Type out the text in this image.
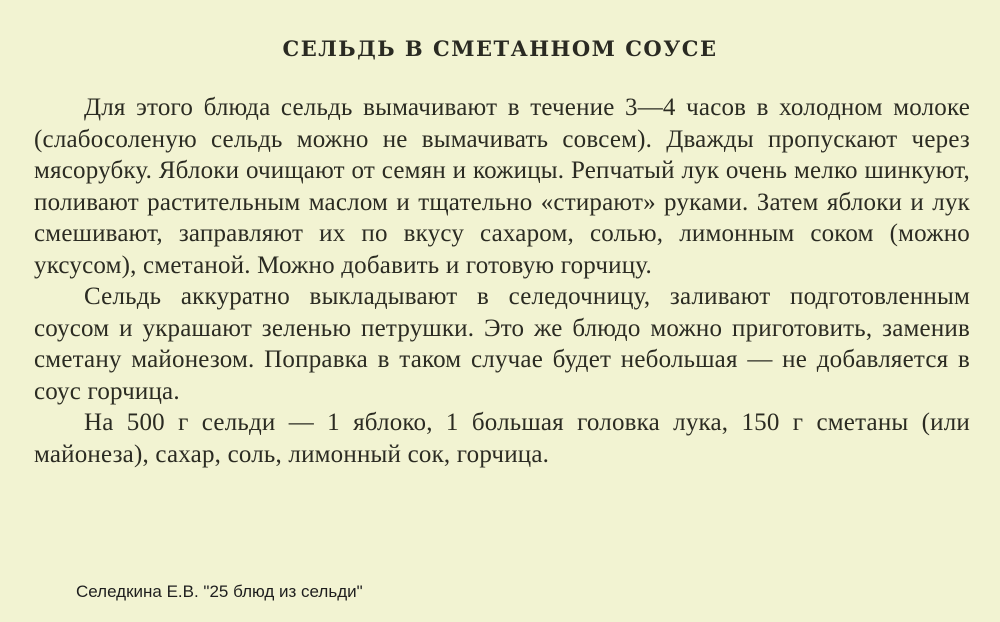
СЕЛЬДЬ В СМЕТАННОМ СОУСЕ

Для этого блюда сельдь вымачивают в течение 3—4 часов в холодном молоке (слабосоленую сельдь можно не вымачивать совсем). Дважды пропускают через мясорубку. Яблоки очищают от семян и кожицы. Репчатый лук очень мелко шинкуют, поливают растительным маслом и тщательно «стирают» руками. Затем яблоки и лук смешивают, заправляют их по вкусу сахаром, солью, лимонным соком (можно уксусом), сметаной. Можно добавить и готовую горчицу.

Сельдь аккуратно выкладывают в селедочницу, заливают подготовленным соусом и украшают зеленью петрушки. Это же блюдо можно приготовить, заменив сметану майонезом. Поправка в таком случае будет небольшая — не добавляется в соус горчица.

На 500 г сельди — 1 яблоко, 1 большая головка лука, 150 г сметаны (или майонеза), сахар, соль, лимонный сок, горчица.

Селедкина Е.В. "25 блюд из сельди"
